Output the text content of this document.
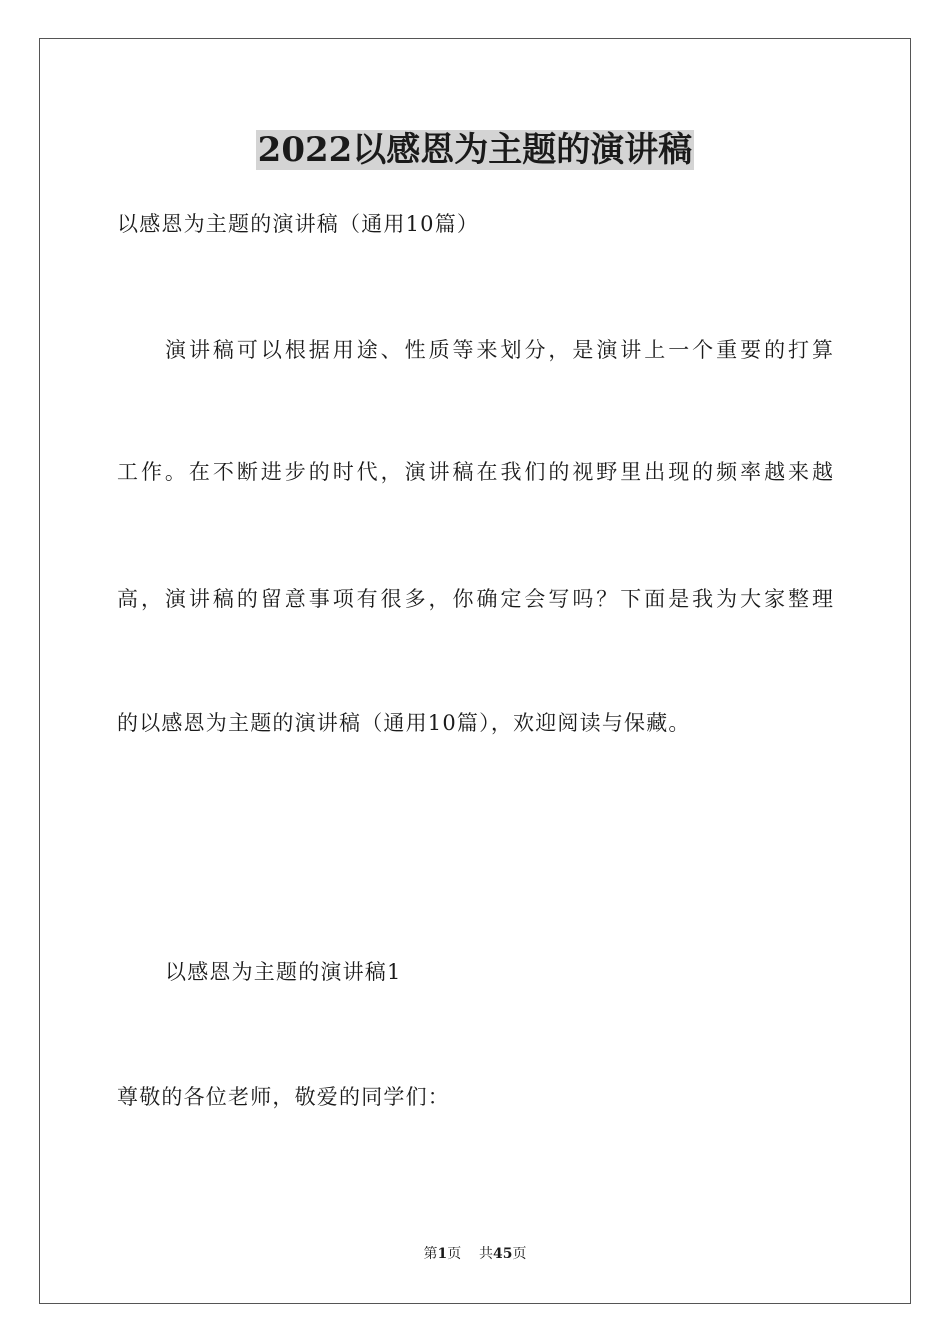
2022以感恩为主题的演讲稿
以感恩为主题的演讲稿（通用10篇）
演讲稿可以根据用途、性质等来划分，是演讲上一个重要的打算
工作。在不断进步的时代，演讲稿在我们的视野里出现的频率越来越
高，演讲稿的留意事项有很多，你确定会写吗？下面是我为大家整理
的以感恩为主题的演讲稿（通用10篇），欢迎阅读与保藏。
以感恩为主题的演讲稿1
尊敬的各位老师，敬爱的同学们：
第1页 共45页
